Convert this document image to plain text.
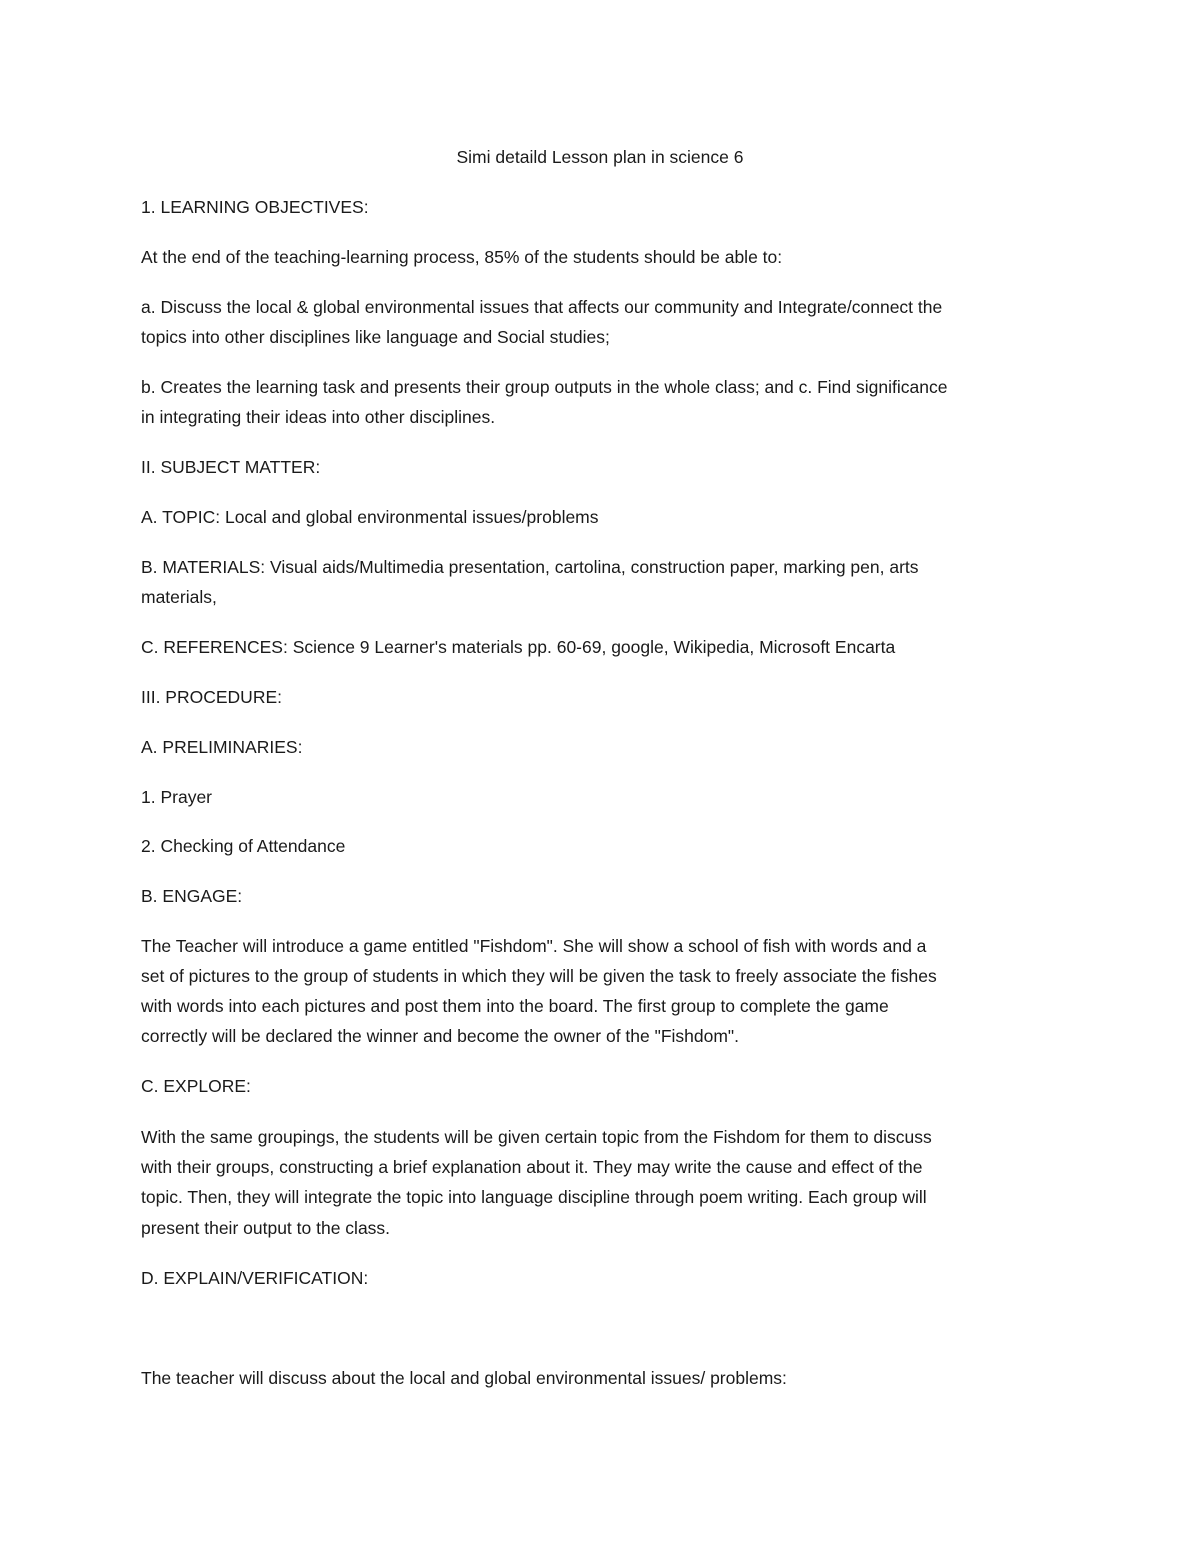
Simi detaild Lesson plan in science 6

1. LEARNING OBJECTIVES:

At the end of the teaching-learning process, 85% of the students should be able to:

a. Discuss the local & global environmental issues that affects our community and Integrate/connect the

topics into other disciplines like language and Social studies;

b. Creates the learning task and presents their group outputs in the whole class; and c. Find significance

in integrating their ideas into other disciplines.

II. SUBJECT MATTER:

A. TOPIC: Local and global environmental issues/problems

B. MATERIALS: Visual aids/Multimedia presentation, cartolina, construction paper, marking pen, arts

materials,

C. REFERENCES: Science 9 Learner's materials pp. 60-69, google, Wikipedia, Microsoft Encarta

III. PROCEDURE:

A. PRELIMINARIES:

1. Prayer

2. Checking of Attendance

B. ENGAGE:

The Teacher will introduce a game entitled "Fishdom". She will show a school of fish with words and a

set of pictures to the group of students in which they will be given the task to freely associate the fishes

with words into each pictures and post them into the board. The first group to complete the game

correctly will be declared the winner and become the owner of the "Fishdom".

C. EXPLORE:

With the same groupings, the students will be given certain topic from the Fishdom for them to discuss

with their groups, constructing a brief explanation about it. They may write the cause and effect of the

topic. Then, they will integrate the topic into language discipline through poem writing. Each group will

present their output to the class.

D. EXPLAIN/VERIFICATION:

The teacher will discuss about the local and global environmental issues/ problems:
